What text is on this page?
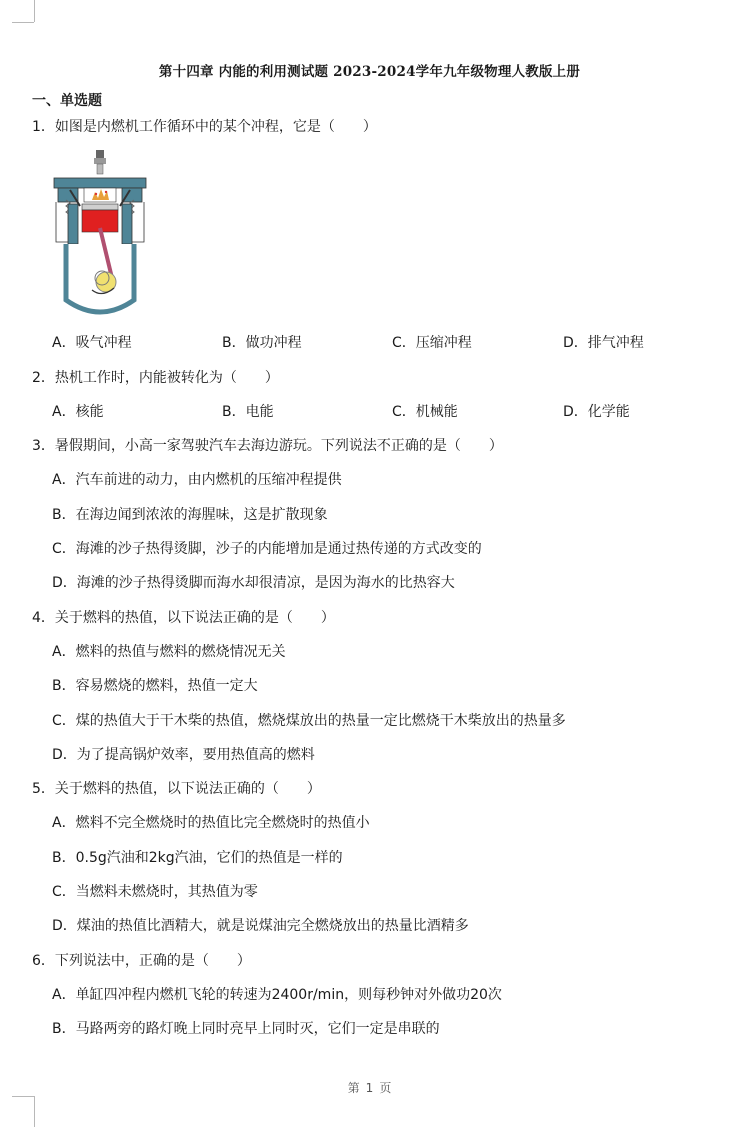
第十四章 内能的利用测试题 2023-2024学年九年级物理人教版上册
一、单选题
1．如图是内燃机工作循环中的某个冲程，它是（　　）
A．吸气冲程	B．做功冲程	C．压缩冲程	D．排气冲程
2．热机工作时，内能被转化为（　　）
A．核能	B．电能	C．机械能	D．化学能
3．暑假期间，小高一家驾驶汽车去海边游玩。下列说法不正确的是（　　）
A．汽车前进的动力，由内燃机的压缩冲程提供
B．在海边闻到浓浓的海腥味，这是扩散现象
C．海滩的沙子热得烫脚，沙子的内能增加是通过热传递的方式改变的
D．海滩的沙子热得烫脚而海水却很清凉，是因为海水的比热容大
4．关于燃料的热值，以下说法正确的是（　　）
A．燃料的热值与燃料的燃烧情况无关
B．容易燃烧的燃料，热值一定大
C．煤的热值大于干木柴的热值，燃烧煤放出的热量一定比燃烧干木柴放出的热量多
D．为了提高锅炉效率，要用热值高的燃料
5．关于燃料的热值，以下说法正确的（　　）
A．燃料不完全燃烧时的热值比完全燃烧时的热值小
B．0.5g汽油和2kg汽油，它们的热值是一样的
C．当燃料未燃烧时，其热值为零
D．煤油的热值比酒精大，就是说煤油完全燃烧放出的热量比酒精多
6．下列说法中，正确的是（　　）
A．单缸四冲程内燃机飞轮的转速为2400r/min，则每秒钟对外做功20次
B．马路两旁的路灯晚上同时亮早上同时灭，它们一定是串联的
第 1 页
